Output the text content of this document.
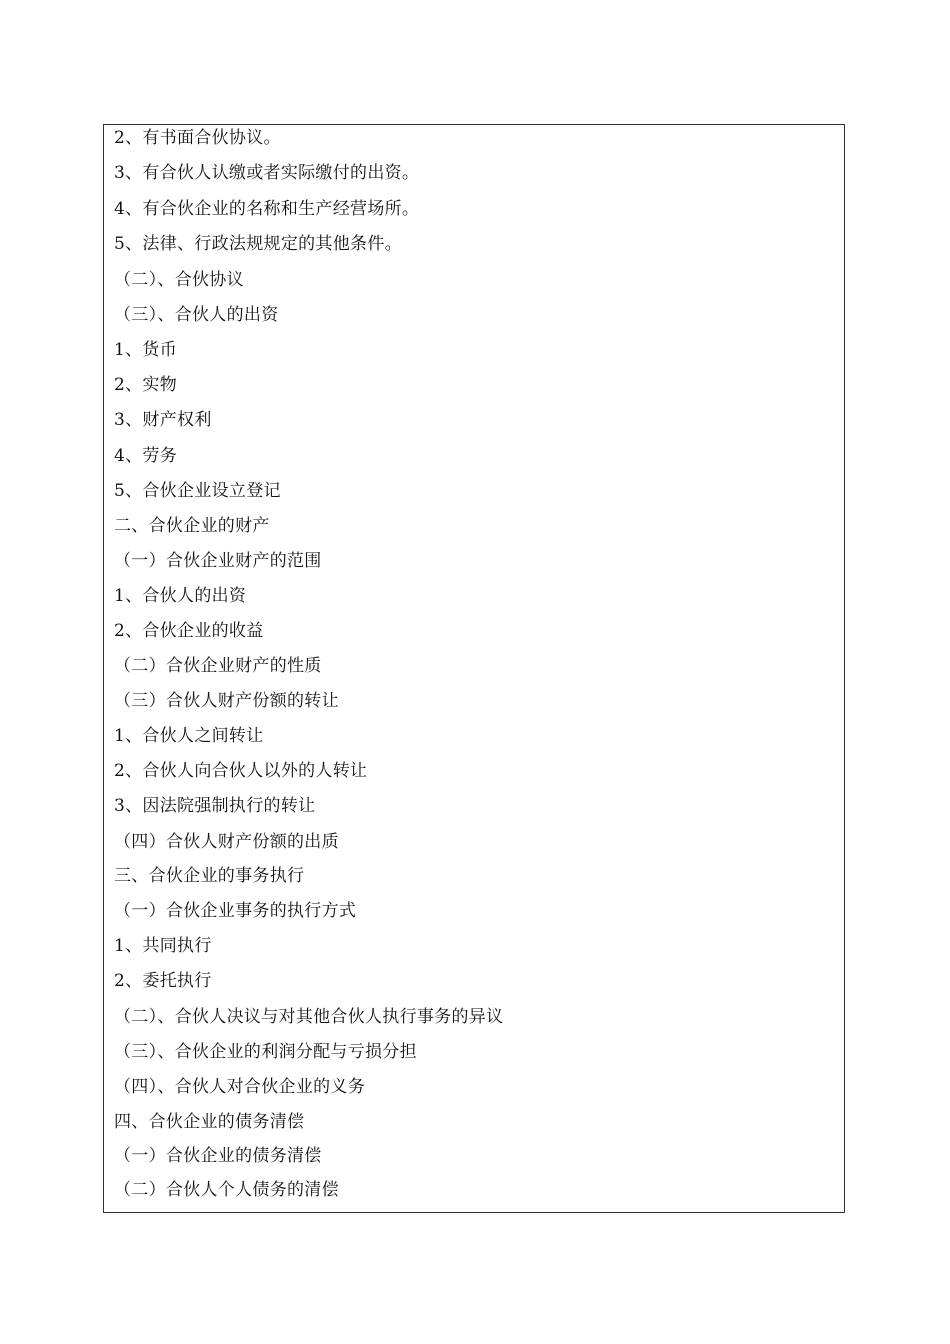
2、有书面合伙协议。
3、有合伙人认缴或者实际缴付的出资。
4、有合伙企业的名称和生产经营场所。
5、法律、行政法规规定的其他条件。
（二）、合伙协议
（三）、合伙人的出资
1、货币
2、实物
3、财产权利
4、劳务
5、合伙企业设立登记
二、合伙企业的财产
（一）合伙企业财产的范围
1、合伙人的出资
2、合伙企业的收益
（二）合伙企业财产的性质
（三）合伙人财产份额的转让
1、合伙人之间转让
2、合伙人向合伙人以外的人转让
3、因法院强制执行的转让
（四）合伙人财产份额的出质
三、合伙企业的事务执行
（一）合伙企业事务的执行方式
1、共同执行
2、委托执行
（二）、合伙人决议与对其他合伙人执行事务的异议
（三）、合伙企业的利润分配与亏损分担
（四）、合伙人对合伙企业的义务
四、合伙企业的债务清偿
（一）合伙企业的债务清偿
（二）合伙人个人债务的清偿
